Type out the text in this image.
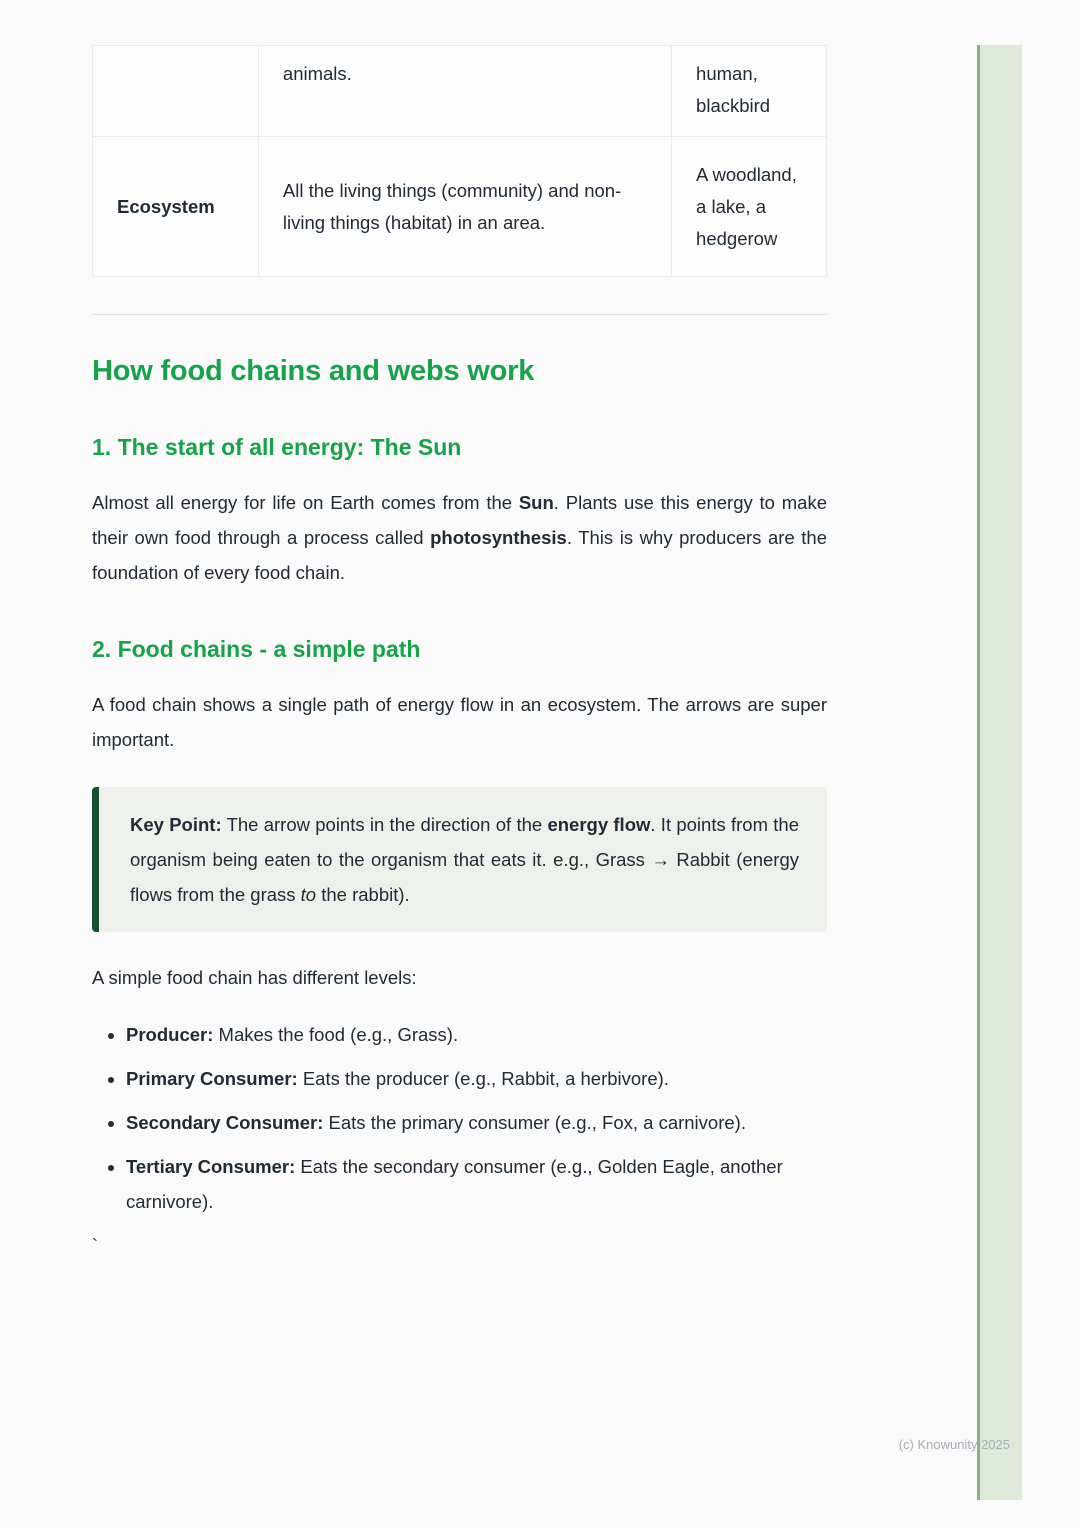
	animals.	human, blackbird
Ecosystem	All the living things (community) and non-living things (habitat) in an area.	A woodland, a lake, a hedgerow
How food chains and webs work
1. The start of all energy: The Sun

Almost all energy for life on Earth comes from the Sun. Plants use this energy to make their own food through a process called photosynthesis. This is why producers are the foundation of every food chain.

2. Food chains - a simple path

A food chain shows a single path of energy flow in an ecosystem. The arrows are super important.

Key Point: The arrow points in the direction of the energy flow. It points from the organism being eaten to the organism that eats it. e.g., Grass → Rabbit (energy flows from the grass to the rabbit).

A simple food chain has different levels:

• Producer: Makes the food (e.g., Grass).
• Primary Consumer: Eats the producer (e.g., Rabbit, a herbivore).
• Secondary Consumer: Eats the primary consumer (e.g., Fox, a carnivore).
• Tertiary Consumer: Eats the secondary consumer (e.g., Golden Eagle, another carnivore).
`
(c) Knowunity 2025
